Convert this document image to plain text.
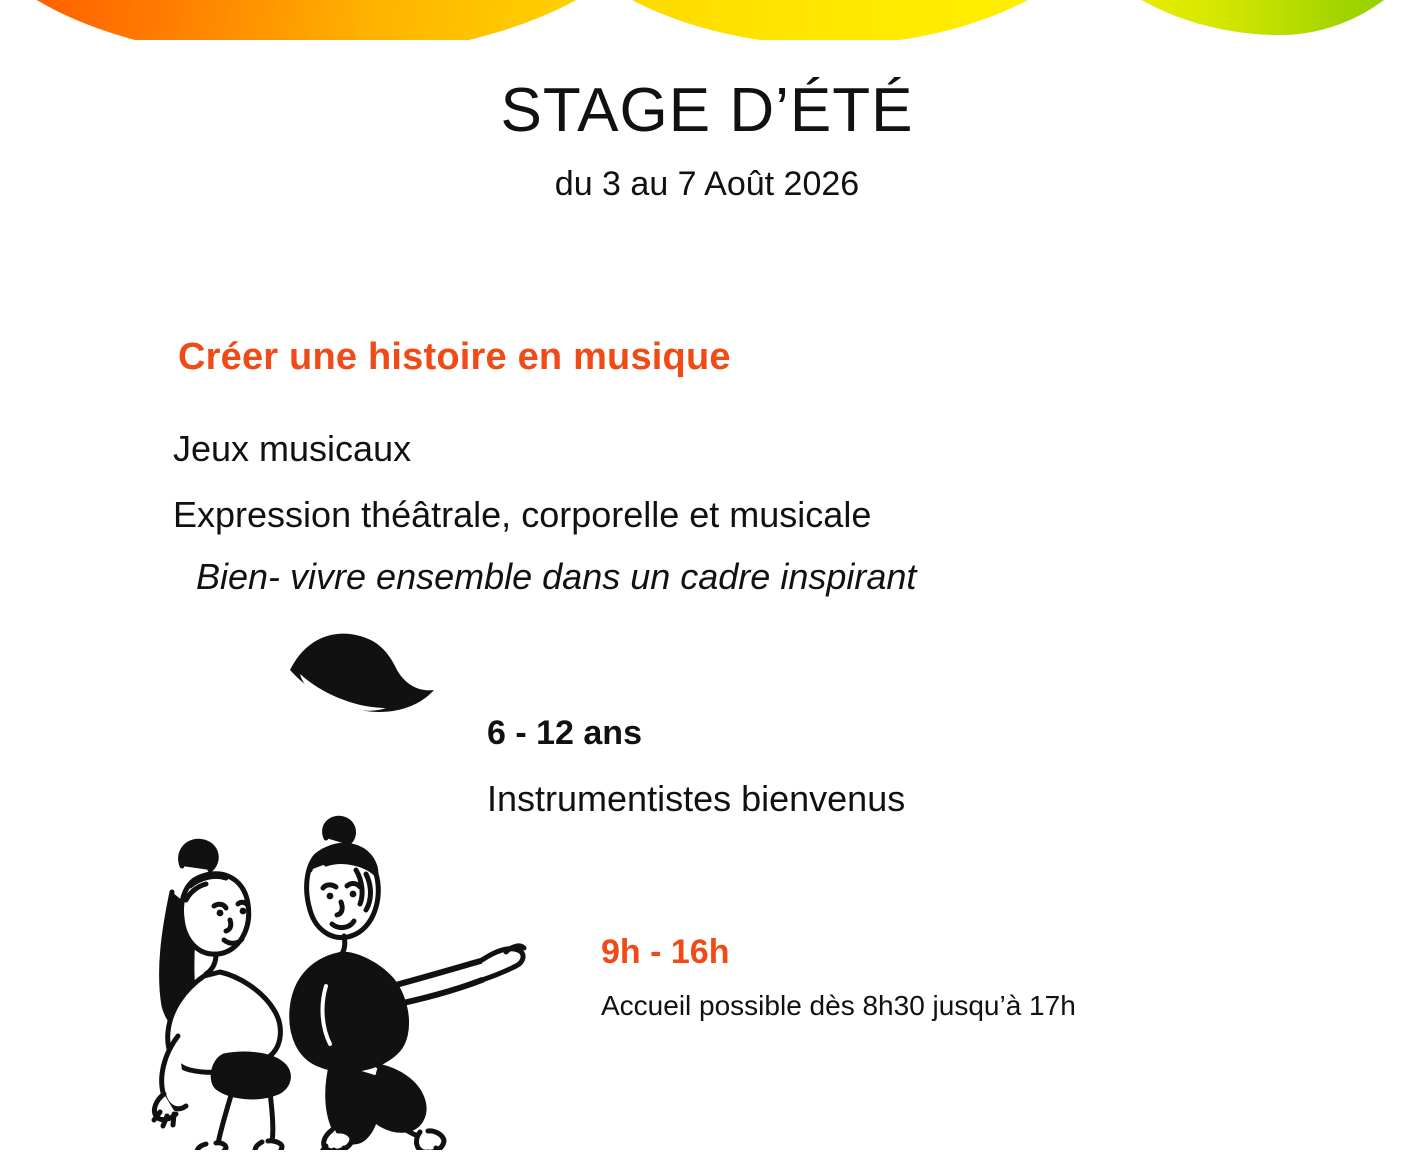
STAGE D’ÉTÉ
du 3 au 7 Août 2026
Créer une histoire en musique
Jeux musicaux
Expression théâtrale, corporelle et musicale
Bien- vivre ensemble dans un cadre inspirant
6 - 12 ans
Instrumentistes bienvenus
9h - 16h
Accueil possible dès 8h30 jusqu’à 17h
